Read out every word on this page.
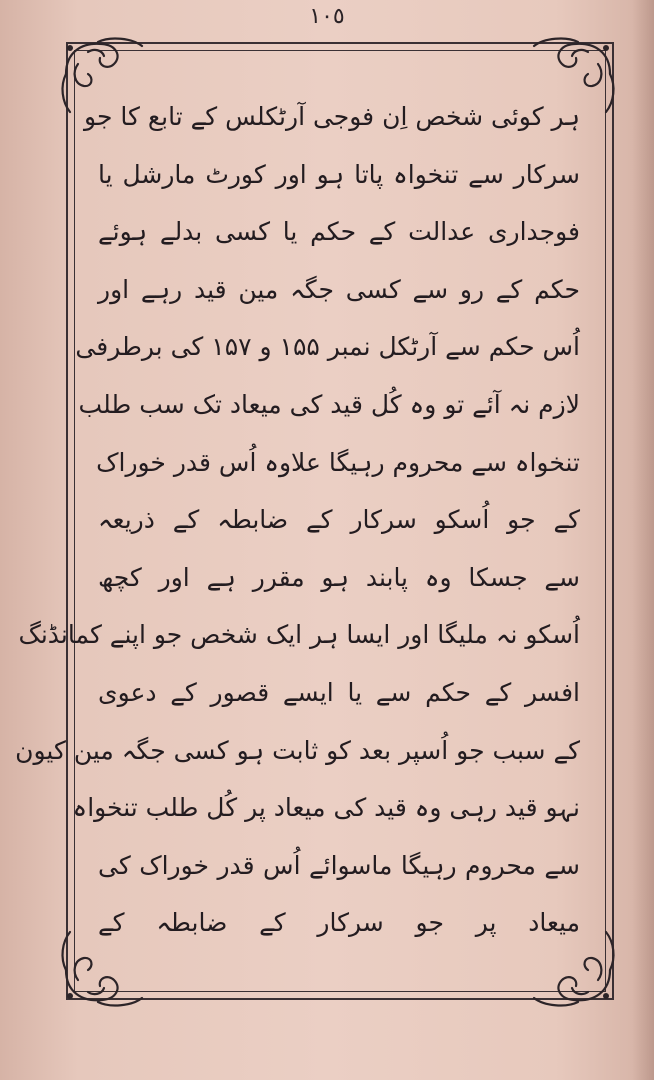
١٠٥
ہر کوئی شخص اِن فوجی آرٹکلس کے تابع کا جو
سرکار سے تنخواہ پاتا ہو اور کورٹ مارشل یا
فوجداری عدالت کے حکم یا کسی بدلے ہوئے
حکم کے رو سے کسی جگہ مین قید رہے اور
اُس حکم سے آرٹکل نمبر ۱۵۵ و ۱۵۷ کی برطرفی
لازم نہ آئے تو وہ کُل قید کی میعاد تک سب طلب
تنخواہ سے محروم رہیگا علاوہ اُس قدر خوراک
کے جو اُسکو سرکار کے ضابطہ کے ذریعہ
سے جسکا وہ پابند ہو مقرر ہے اور کچھ
اُسکو نہ ملیگا اور ایسا ہر ایک شخص جو اپنے کمانڈنگ
افسر کے حکم سے یا ایسے قصور کے دعوی
کے سبب جو اُسپر بعد کو ثابت ہو کسی جگہ مین کیون
نہو قید رہی وہ قید کی میعاد پر کُل طلب تنخواہ
سے محروم رہیگا ماسوائے اُس قدر خوراک کی
میعاد پر جو سرکار کے ضابطہ کے
